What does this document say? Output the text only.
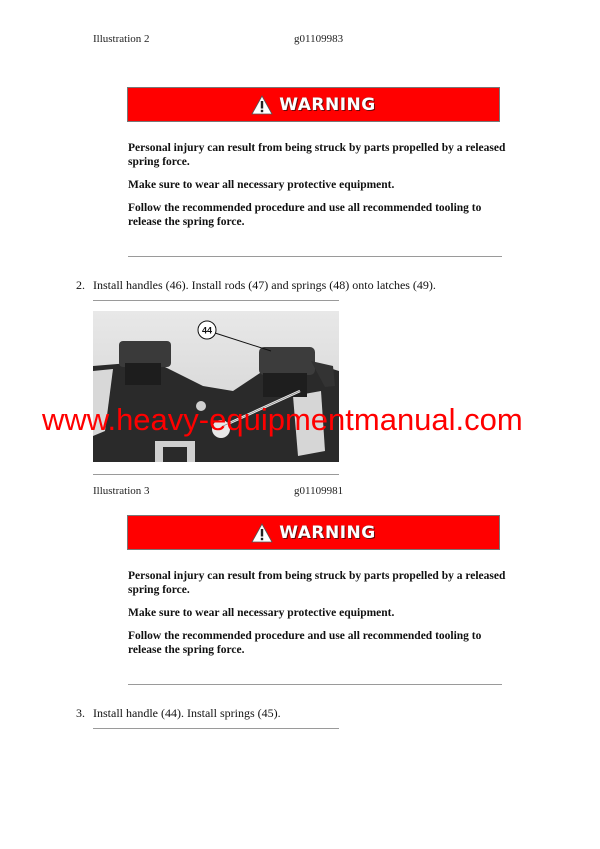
Illustration 2	g01109983
WARNING

Personal injury can result from being struck by parts propelled by a released spring force.

Make sure to wear all necessary protective equipment.

Follow the recommended procedure and use all recommended tooling to release the spring force.

2. Install handles (46). Install rods (47) and springs (48) onto latches (49).
44
www.heavy-equipmentmanual.com
Illustration 3	g01109981
WARNING

Personal injury can result from being struck by parts propelled by a released spring force.

Make sure to wear all necessary protective equipment.

Follow the recommended procedure and use all recommended tooling to release the spring force.

3. Install handle (44). Install springs (45).
